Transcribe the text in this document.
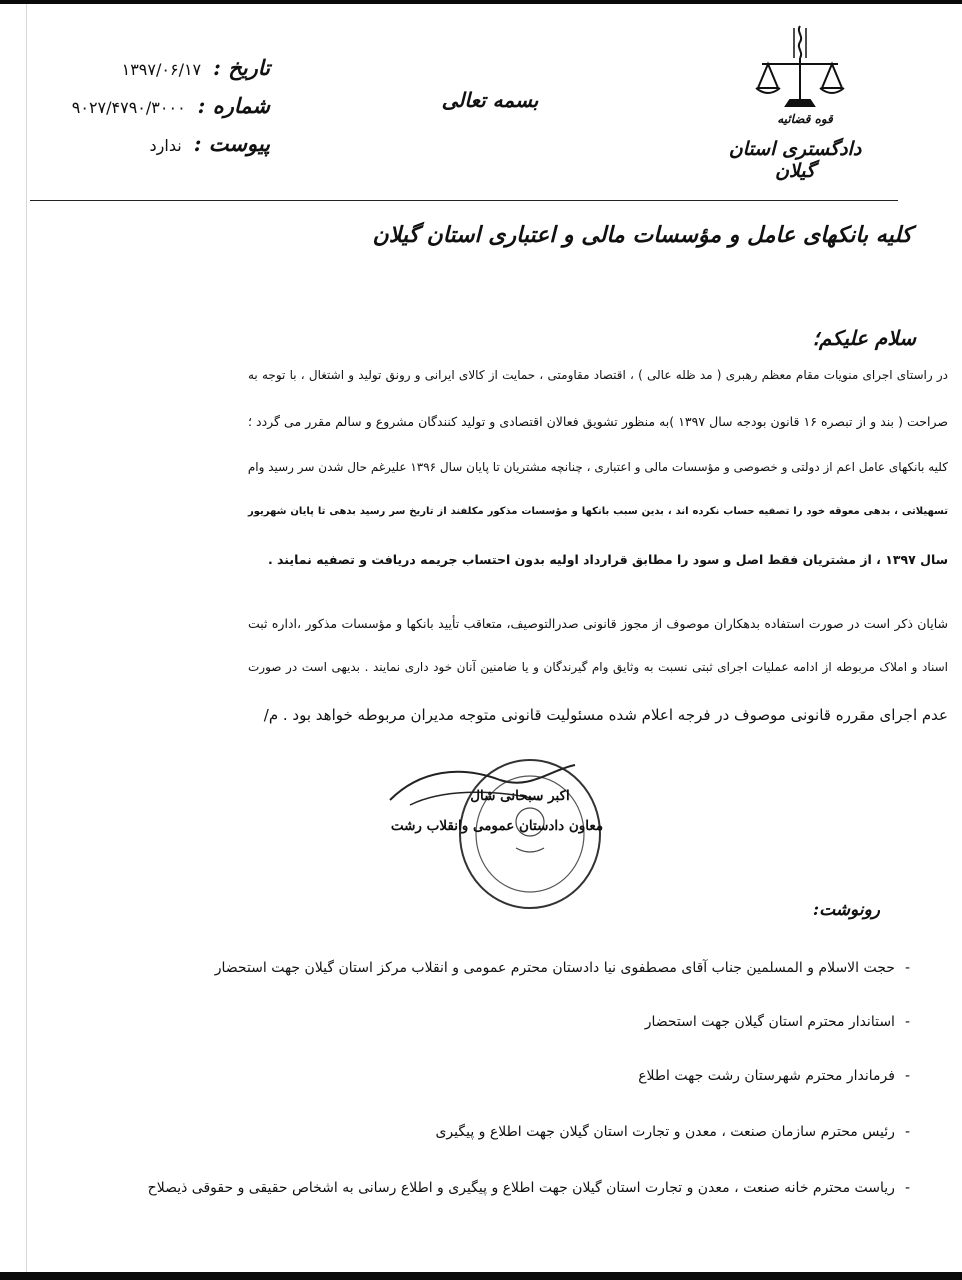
تاریخ :
۱۳۹۷/۰۶/۱۷
شماره :
۹۰۲۷/۴۷۹۰/۳۰۰۰
پیوست :
ندارد
بسمه تعالی
قوه قضائیه
دادگستری استان گیلان
کلیه بانکهای عامل و مؤسسات مالی و اعتباری استان گیلان
سلام علیکم؛
در راستای اجرای منویات مقام معظم رهبری ( مد ظله عالی ) ، اقتصاد مقاومتی ، حمایت از کالای ایرانی و رونق تولید و اشتغال ، با توجه به
صراحت ( بند و از تبصره ۱۶ قانون بودجه سال ۱۳۹۷ )به منظور تشویق فعالان اقتصادی و تولید کنندگان مشروع و سالم مقرر می گردد ؛
کلیه بانکهای عامل اعم از دولتی و خصوصی و مؤسسات مالی و اعتباری ، چنانچه مشتریان تا پایان سال ۱۳۹۶ علیرغم حال شدن سر رسید وام
تسهیلاتی ، بدهی معوقه خود را تصفیه حساب نکرده اند ، بدین سبب بانکها و مؤسسات مذکور مکلفند از تاریخ سر رسید بدهی تا پایان شهریور
سال ۱۳۹۷ ، از مشتریان فقط اصل و سود را مطابق قرارداد اولیه بدون احتساب جریمه دریافت و تصفیه نمایند .
شایان ذکر است در صورت استفاده بدهکاران موصوف از مجوز قانونی صدرالتوصیف، متعاقب تأیید بانکها و مؤسسات مذکور ،اداره ثبت
اسناد و املاک مربوطه از ادامه عملیات اجرای ثبتی نسبت به وثایق وام گیرندگان و یا ضامنین آنان خود داری نمایند . بدیهی است در صورت
عدم اجرای مقرره قانونی موصوف در فرجه اعلام شده مسئولیت قانونی متوجه مدیران مربوطه خواهد بود . م/
اکبر سبحانی شال
معاون دادستان عمومی وانقلاب رشت
رونوشت:
-حجت الاسلام و المسلمین جناب آقای مصطفوی نیا دادستان محترم عمومی و انقلاب مرکز استان گیلان جهت استحضار
-استاندار محترم استان گیلان جهت استحضار
-فرماندار محترم شهرستان رشت جهت اطلاع
-رئیس محترم سازمان صنعت ، معدن و تجارت استان گیلان جهت اطلاع و پیگیری
-ریاست محترم خانه صنعت ، معدن و تجارت استان گیلان جهت اطلاع و پیگیری و اطلاع رسانی به اشخاص حقیقی و حقوقی ذیصلاح
